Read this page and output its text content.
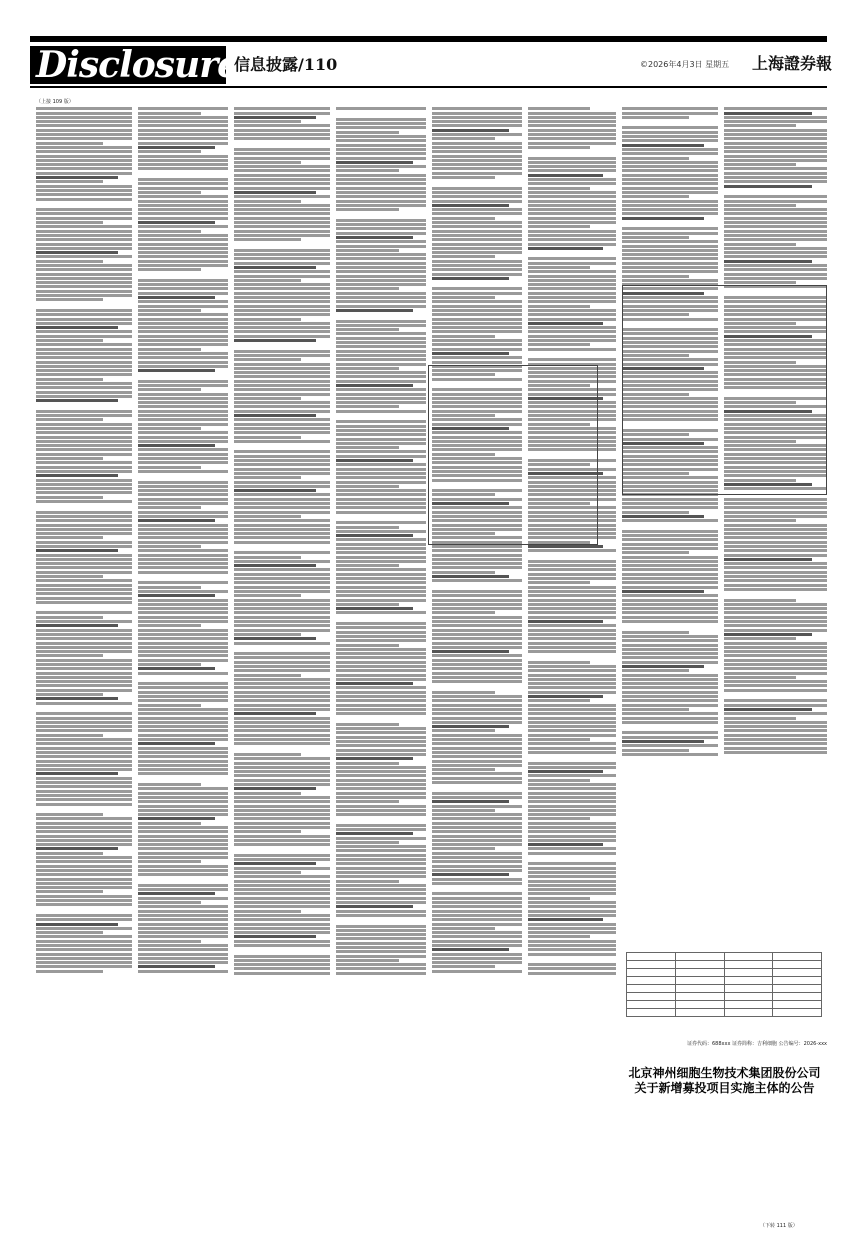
Disclosure
信息披露/110	©2026年4月3日 星期五 上海證券報
（上接 109 版）

证券代码：688xxx 证券简称：吉利细胞 公告编号：2026-xxx
北京神州细胞生物技术集团股份公司
关于新增募投项目实施主体的公告
（下转 111 版）
